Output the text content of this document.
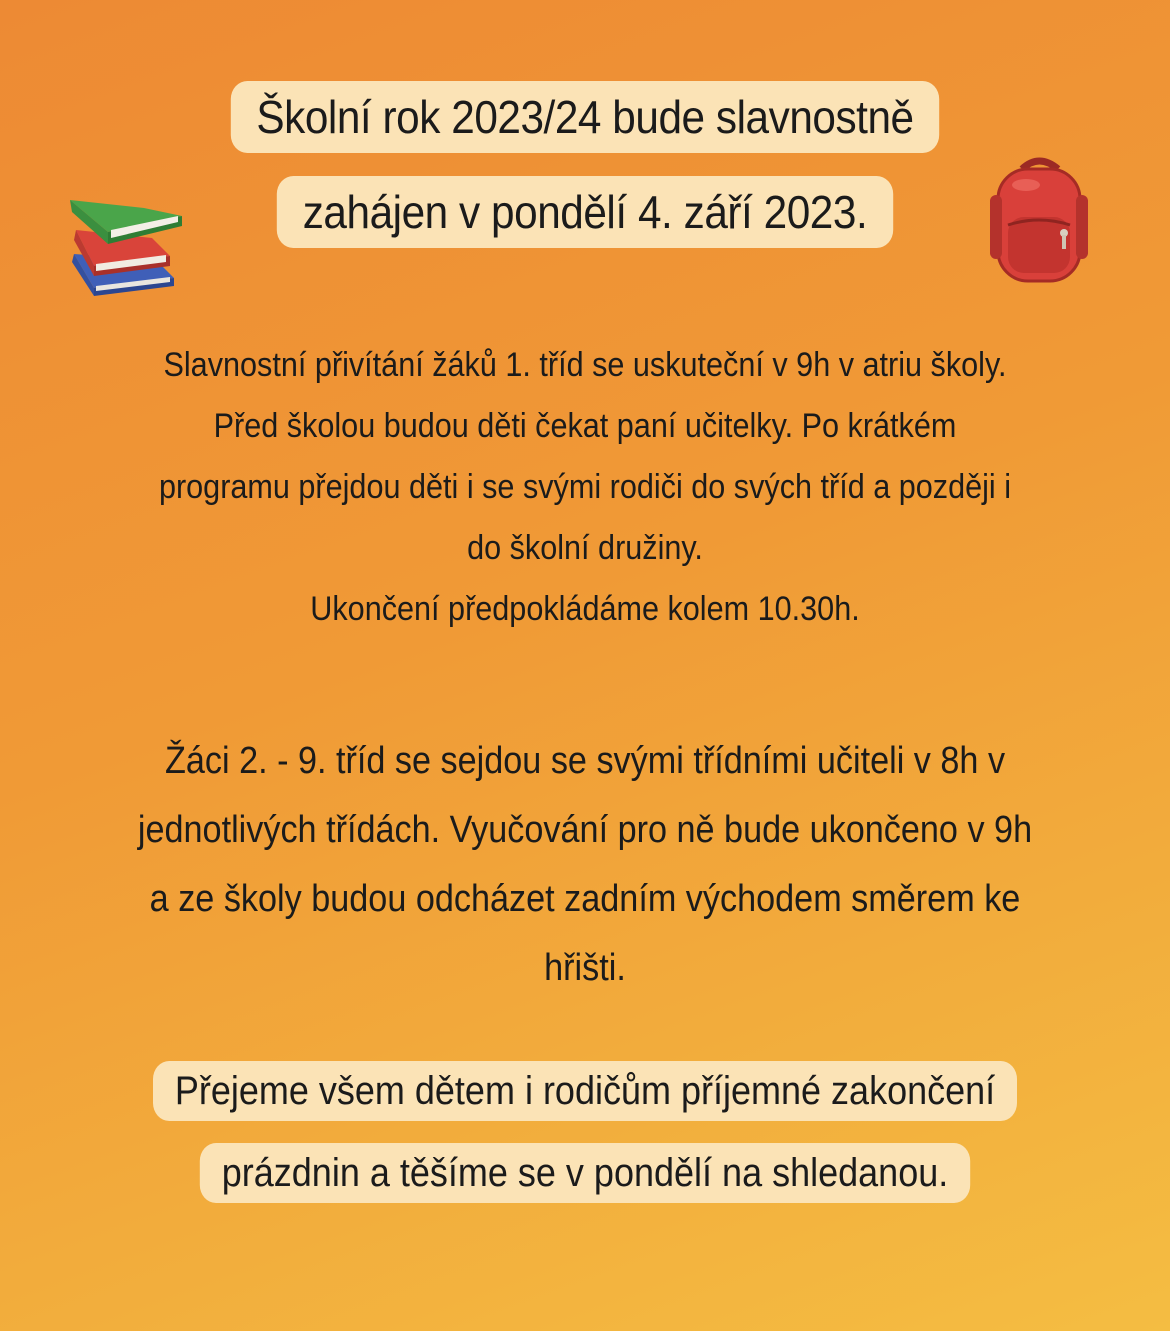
Školní rok 2023/24 bude slavnostně
zahájen v pondělí 4. září 2023.
Slavnostní přivítání žáků 1. tříd se uskuteční v 9h v atriu školy.
Před školou budou děti čekat paní učitelky. Po krátkém
programu přejdou děti i se svými rodiči do svých tříd a později i
do školní družiny.
Ukončení předpokládáme kolem 10.30h.
Žáci 2. - 9. tříd se sejdou se svými třídními učiteli v 8h v
jednotlivých třídách. Vyučování pro ně bude ukončeno v 9h
a ze školy budou odcházet zadním východem směrem ke
hřišti.
Přejeme všem dětem i rodičům příjemné zakončení
prázdnin a těšíme se v pondělí na shledanou.
